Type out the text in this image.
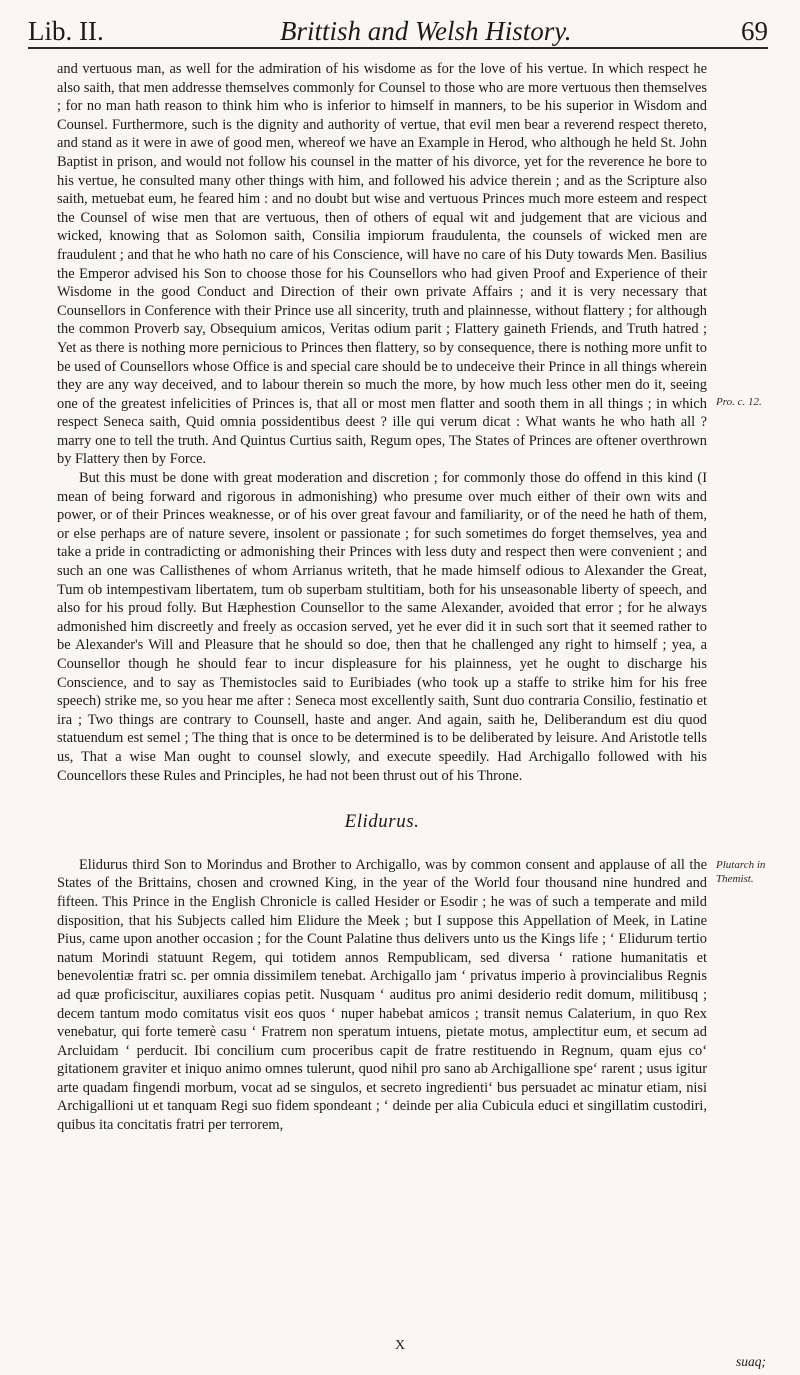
Lib. II.	Brittish and Welsh History.	69

and vertuous man, as well for the admiration of his wisdome as for the love of his vertue. In which respect he also saith, that men addresse themselves commonly for Counsel to those who are more vertuous then themselves ; for no man hath reason to think him who is inferior to himself in manners, to be his superior in Wisdom and Counsel. Furthermore, such is the dignity and authority of vertue, that evil men bear a reverend respect thereto, and stand as it were in awe of good men, whereof we have an Example in Herod, who although he held St. John Baptist in prison, and would not follow his counsel in the matter of his divorce, yet for the reverence he bore to his vertue, he consulted many other things with him, and followed his advice therein ; and as the Scripture also saith, metuebat eum, he feared him : and no doubt but wise and vertuous Princes much more esteem and respect the Counsel of wise men that are vertuous, then of others of equal wit and judgement that are vicious and wicked, knowing that as Solomon saith, Consilia impiorum fraudulenta, the counsels of wicked men are fraudulent ; and that he who hath no care of his Conscience, will have no care of his Duty towards Men. Basilius the Emperor advised his Son to choose those for his Counsellors who had given Proof and Experience of their Wisdome in the good Conduct and Direction of their own private Affairs ; and it is very necessary that Counsellors in Conference with their Prince use all sincerity, truth and plainnesse, without flattery ; for although the common Proverb say, Obsequium amicos, Veritas odium parit ; Flattery gaineth Friends, and Truth hatred ; Yet as there is nothing more pernicious to Princes then flattery, so by consequence, there is nothing more unfit to be used of Counsellors whose Office is and special care should be to undeceive their Prince in all things wherein they are any way deceived, and to labour therein so much the more, by how much less other men do it, seeing one of the greatest infelicities of Princes is, that all or most men flatter and sooth them in all things ; in which respect Seneca saith, Quid omnia possidentibus deest ? ille qui verum dicat : What wants he who hath all ? marry one to tell the truth. And Quintus Curtius saith, Regum opes, The States of Princes are oftener overthrown by Flattery then by Force.

But this must be done with great moderation and discretion ; for commonly those do offend in this kind (I mean of being forward and rigorous in admonishing) who presume over much either of their own wits and power, or of their Princes weaknesse, or of his over great favour and familiarity, or of the need he hath of them, or else perhaps are of nature severe, insolent or passionate ; for such sometimes do forget themselves, yea and take a pride in contradicting or admonishing their Princes with less duty and respect then were convenient ; and such an one was Callisthenes of whom Arrianus writeth, that he made himself odious to Alexander the Great, Tum ob intempestivam libertatem, tum ob superbam stultitiam, both for his unseasonable liberty of speech, and also for his proud folly. But Hæphestion Counsellor to the same Alexander, avoided that error ; for he always admonished him discreetly and freely as occasion served, yet he ever did it in such sort that it seemed rather to be Alexander's Will and Pleasure that he should so doe, then that he challenged any right to himself ; yea, a Counsellor though he should fear to incur displeasure for his plainness, yet he ought to discharge his Conscience, and to say as Themistocles said to Euribiades (who took up a staffe to strike him for his free speech) strike me, so you hear me after : Seneca most excellently saith, Sunt duo contraria Consilio, festinatio et ira ; Two things are contrary to Counsell, haste and anger. And again, saith he, Deliberandum est diu quod statuendum est semel ; The thing that is once to be determined is to be deliberated by leisure. And Aristotle tells us, That a wise Man ought to counsel slowly, and execute speedily. Had Archigallo followed with his Councellors these Rules and Principles, he had not been thrust out of his Throne.

Elidurus.

Elidurus third Son to Morindus and Brother to Archigallo, was by common consent and applause of all the States of the Brittains, chosen and crowned King, in the year of the World four thousand nine hundred and fifteen. This Prince in the English Chronicle is called Hesider or Esodir ; he was of such a temperate and mild disposition, that his Subjects called him Elidure the Meek ; but I suppose this Appellation of Meek, in Latine Pius, came upon another occasion ; for the Count Palatine thus delivers unto us the Kings life ; ‘ Elidurum tertio natum Morindi statuunt Regem, qui totidem annos Rempublicam, sed diversa ‘ ratione humanitatis et benevolentiæ fratri sc. per omnia dissimilem tenebat. Archigallo jam ‘ privatus imperio à provincialibus Regnis ad quæ proficiscitur, auxiliares copias petit. Nusquam ‘ auditus pro animi desiderio redit domum, militibusq ; decem tantum modo comitatus visit eos quos ‘ nuper habebat amicos ; transit nemus Calaterium, in quo Rex venebatur, qui forte temerè casu ‘ Fratrem non speratum intuens, pietate motus, amplectitur eum, et secum ad Arcluidam ‘ perducit. Ibi concilium cum proceribus capit de fratre restituendo in Regnum, quam ejus co‘ gitationem graviter et iniquo animo omnes tulerunt, quod nihil pro sano ab Archigallione spe‘ rarent ; usus igitur arte quadam fingendi morbum, vocat ad se singulos, et secreto ingredienti‘ bus persuadet ac minatur etiam, nisi Archigallioni ut et tanquam Regi suo fidem spondeant ; ‘ deinde per alia Cubicula educi et singillatim custodiri, quibus ita concitatis fratri per terrorem,

Pro. c. 12.
Plutarch in Themist.
X
suaq;
